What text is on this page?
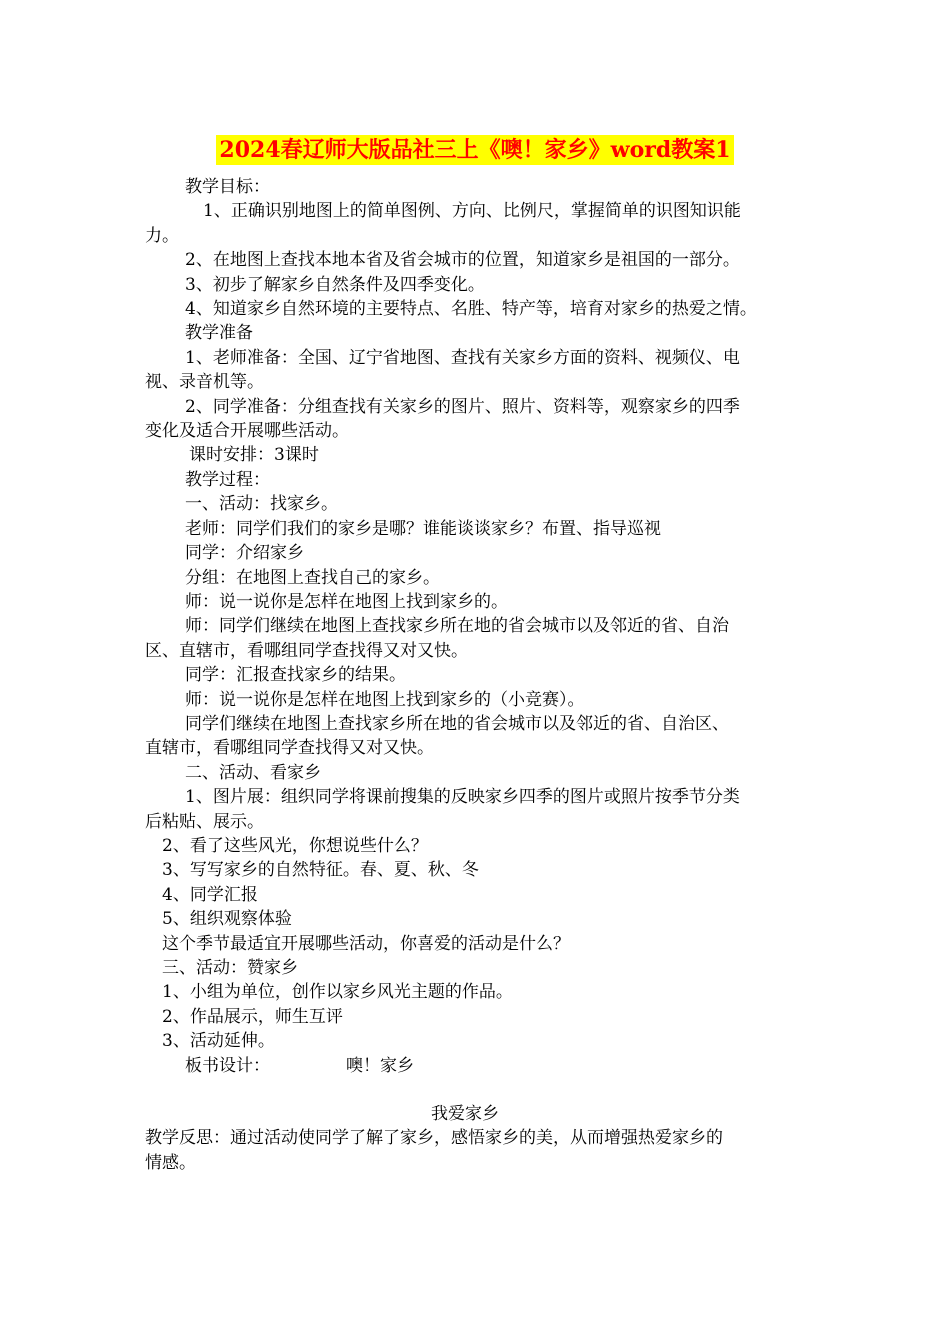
2024春辽师大版品社三上《噢！家乡》word教案1

教学目标：

1、正确识别地图上的简单图例、方向、比例尺，掌握简单的识图知识能

力。

2、在地图上查找本地本省及省会城市的位置，知道家乡是祖国的一部分。

3、初步了解家乡自然条件及四季变化。

4、知道家乡自然环境的主要特点、名胜、特产等，培育对家乡的热爱之情。

教学准备

1、老师准备：全国、辽宁省地图、查找有关家乡方面的资料、视频仪、电

视、录音机等。

2、同学准备：分组查找有关家乡的图片、照片、资料等，观察家乡的四季

变化及适合开展哪些活动。

课时安排：3课时

教学过程：

一、活动：找家乡。

老师：同学们我们的家乡是哪？谁能谈谈家乡？布置、指导巡视

同学：介绍家乡

分组：在地图上查找自己的家乡。

师：说一说你是怎样在地图上找到家乡的。

师：同学们继续在地图上查找家乡所在地的省会城市以及邻近的省、自治

区、直辖市，看哪组同学查找得又对又快。

同学：汇报查找家乡的结果。

师：说一说你是怎样在地图上找到家乡的（小竞赛）。

同学们继续在地图上查找家乡所在地的省会城市以及邻近的省、自治区、

直辖市，看哪组同学查找得又对又快。

二、活动、看家乡

1、图片展：组织同学将课前搜集的反映家乡四季的图片或照片按季节分类

后粘贴、展示。

2、看了这些风光，你想说些什么？

3、写写家乡的自然特征。春、夏、秋、冬

4、同学汇报

5、组织观察体验

这个季节最适宜开展哪些活动，你喜爱的活动是什么？

三、活动：赞家乡

1、小组为单位，创作以家乡风光主题的作品。

2、作品展示，师生互评

3、活动延伸。

板书设计：	噢！家乡

我爱家乡

教学反思：通过活动使同学了解了家乡，感悟家乡的美，从而增强热爱家乡的

情感。
